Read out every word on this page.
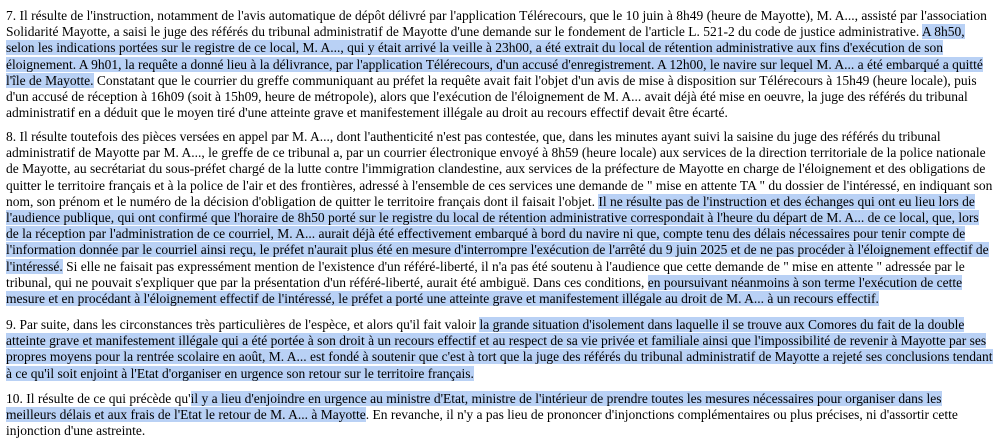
7. Il résulte de l'instruction, notamment de l'avis automatique de dépôt délivré par l'application Télérecours, que le 10 juin à 8h49 (heure de Mayotte), M. A..., assisté par l'association Solidarité Mayotte, a saisi le juge des référés du tribunal administratif de Mayotte d'une demande sur le fondement de l'article L. 521-2 du code de justice administrative. A 8h50, selon les indications portées sur le registre de ce local, M. A..., qui y était arrivé la veille à 23h00, a été extrait du local de rétention administrative aux fins d'exécution de son éloignement. A 9h01, la requête a donné lieu à la délivrance, par l'application Télérecours, d'un accusé d'enregistrement. A 12h00, le navire sur lequel M. A... a été embarqué a quitté l'île de Mayotte. Constatant que le courrier du greffe communiquant au préfet la requête avait fait l'objet d'un avis de mise à disposition sur Télérecours à 15h49 (heure locale), puis d'un accusé de réception à 16h09 (soit à 15h09, heure de métropole), alors que l'exécution de l'éloignement de M. A... avait déjà été mise en oeuvre, la juge des référés du tribunal administratif en a déduit que le moyen tiré d'une atteinte grave et manifestement illégale au droit au recours effectif devait être écarté.

8. Il résulte toutefois des pièces versées en appel par M. A..., dont l'authenticité n'est pas contestée, que, dans les minutes ayant suivi la saisine du juge des référés du tribunal administratif de Mayotte par M. A..., le greffe de ce tribunal a, par un courrier électronique envoyé à 8h59 (heure locale) aux services de la direction territoriale de la police nationale de Mayotte, au secrétariat du sous-préfet chargé de la lutte contre l'immigration clandestine, aux services de la préfecture de Mayotte en charge de l'éloignement et des obligations de quitter le territoire français et à la police de l'air et des frontières, adressé à l'ensemble de ces services une demande de " mise en attente TA " du dossier de l'intéressé, en indiquant son nom, son prénom et le numéro de la décision d'obligation de quitter le territoire français dont il faisait l'objet. Il ne résulte pas de l'instruction et des échanges qui ont eu lieu lors de l'audience publique, qui ont confirmé que l'horaire de 8h50 porté sur le registre du local de rétention administrative correspondait à l'heure du départ de M. A... de ce local, que, lors de la réception par l'administration de ce courriel, M. A... aurait déjà été effectivement embarqué à bord du navire ni que, compte tenu des délais nécessaires pour tenir compte de l'information donnée par le courriel ainsi reçu, le préfet n'aurait plus été en mesure d'interrompre l'exécution de l'arrêté du 9 juin 2025 et de ne pas procéder à l'éloignement effectif de l'intéressé. Si elle ne faisait pas expressément mention de l'existence d'un référé-liberté, il n'a pas été soutenu à l'audience que cette demande de " mise en attente " adressée par le tribunal, qui ne pouvait s'expliquer que par la présentation d'un référé-liberté, aurait été ambiguë. Dans ces conditions, en poursuivant néanmoins à son terme l'exécution de cette mesure et en procédant à l'éloignement effectif de l'intéressé, le préfet a porté une atteinte grave et manifestement illégale au droit de M. A... à un recours effectif.

9. Par suite, dans les circonstances très particulières de l'espèce, et alors qu'il fait valoir la grande situation d'isolement dans laquelle il se trouve aux Comores du fait de la double atteinte grave et manifestement illégale qui a été portée à son droit à un recours effectif et au respect de sa vie privée et familiale ainsi que l'impossibilité de revenir à Mayotte par ses propres moyens pour la rentrée scolaire en août, M. A... est fondé à soutenir que c'est à tort que la juge des référés du tribunal administratif de Mayotte a rejeté ses conclusions tendant à ce qu'il soit enjoint à l'Etat d'organiser en urgence son retour sur le territoire français.

10. Il résulte de ce qui précède qu'il y a lieu d'enjoindre en urgence au ministre d'Etat, ministre de l'intérieur de prendre toutes les mesures nécessaires pour organiser dans les meilleurs délais et aux frais de l'Etat le retour de M. A... à Mayotte. En revanche, il n'y a pas lieu de prononcer d'injonctions complémentaires ou plus précises, ni d'assortir cette injonction d'une astreinte.
